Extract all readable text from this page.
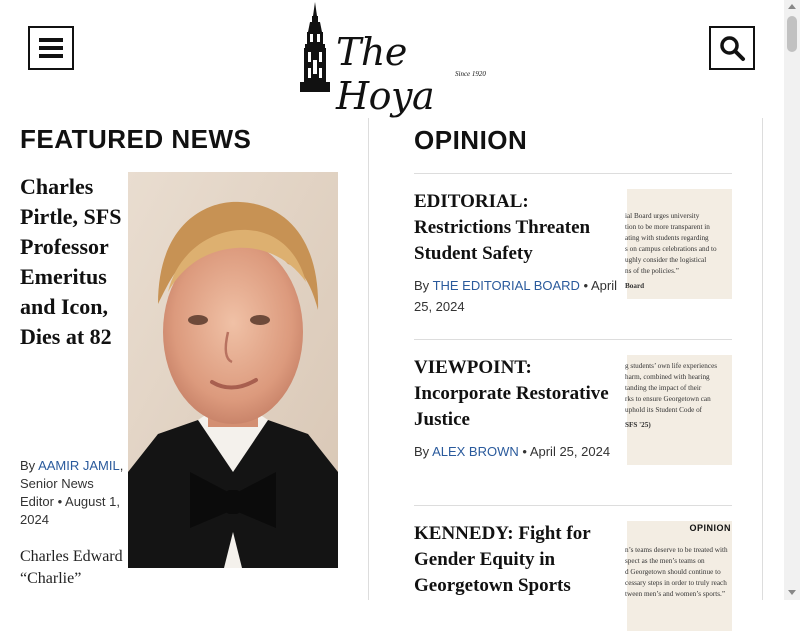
The Hoya	Since 1920
FEATURED NEWS
Charles Pirtle, SFS Professor Emeritus and Icon, Dies at 82
By AAMIR JAMIL, Senior News Editor • August 1, 2024

Charles Edward “Charlie”

OPINION
EDITORIAL: Restrictions Threaten Student Safety
By THE EDITORIAL BOARD • April 25, 2024
ial Board urges university
tion to be more transparent in
ating with students regarding
s on campus celebrations and to
ughly consider the logistical
ns of the policies.”
Board
VIEWPOINT: Incorporate Restorative Justice
By ALEX BROWN • April 25, 2024
g students’ own life experiences
harm, combined with hearing
tanding the impact of their
rks to ensure Georgetown can
uphold its Student Code of
SFS '25)
KENNEDY: Fight for Gender Equity in Georgetown Sports
OPINION
n’s teams deserve to be treated with
spect as the men’s teams on
d Georgetown should continue to
cessary steps in order to truly reach
tween men’s and women’s sports.”
